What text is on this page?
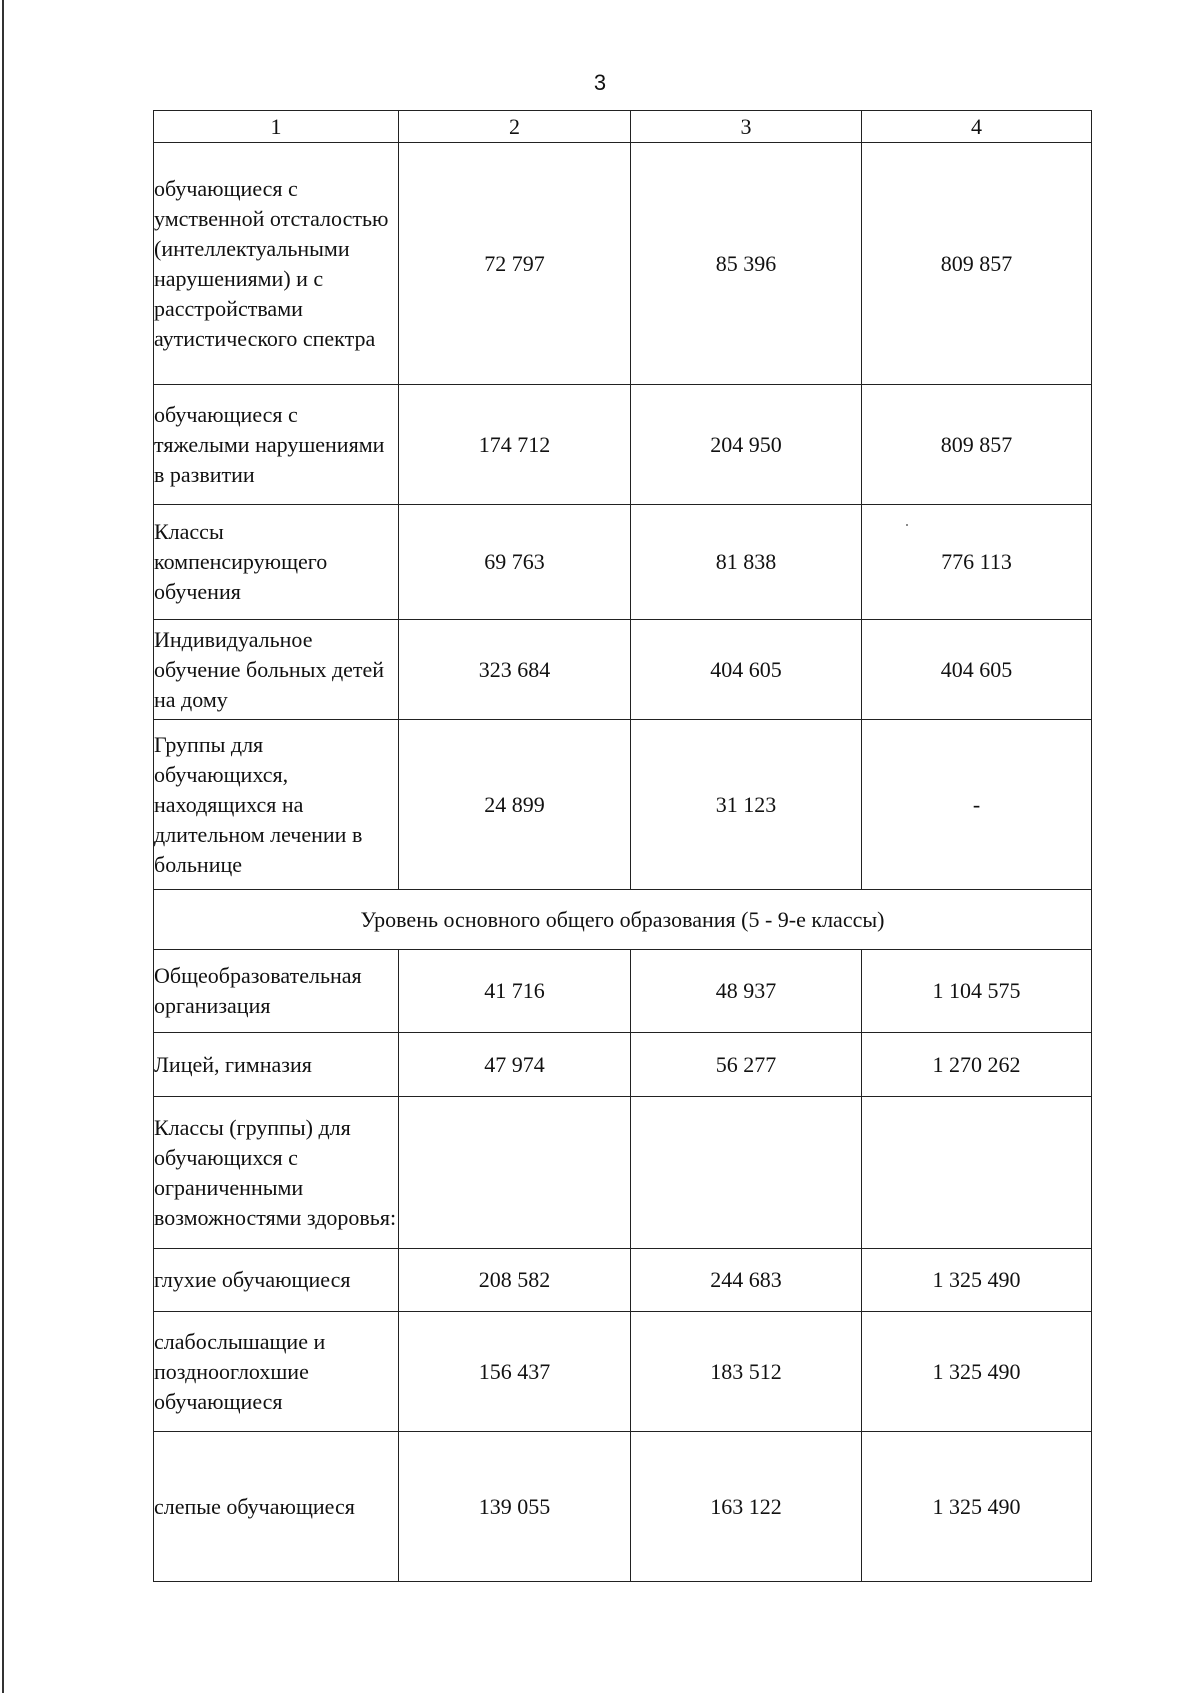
3
1	2	3	4
обучающиеся с умственной отсталостью (интеллектуальными нарушениями) и с расстройствами аутистического спектра	72 797	85 396	809 857
обучающиеся с тяжелыми нарушениями в развитии	174 712	204 950	809 857
Классы компенсирующего обучения	69 763	81 838	776 113
Индивидуальное обучение больных детей на дому	323 684	404 605	404 605
Группы для обучающихся, находящихся на длительном лечении в больнице	24 899	31 123	-
Уровень основного общего образования (5 - 9-е классы)			
Общеобразовательная организация	41 716	48 937	1 104 575
Лицей, гимназия	47 974	56 277	1 270 262
Классы (группы) для обучающихся с ограниченными возможностями здоровья:			
глухие обучающиеся	208 582	244 683	1 325 490
слабослышащие и позднооглохшие обучающиеся	156 437	183 512	1 325 490
слепые обучающиеся	139 055	163 122	1 325 490
